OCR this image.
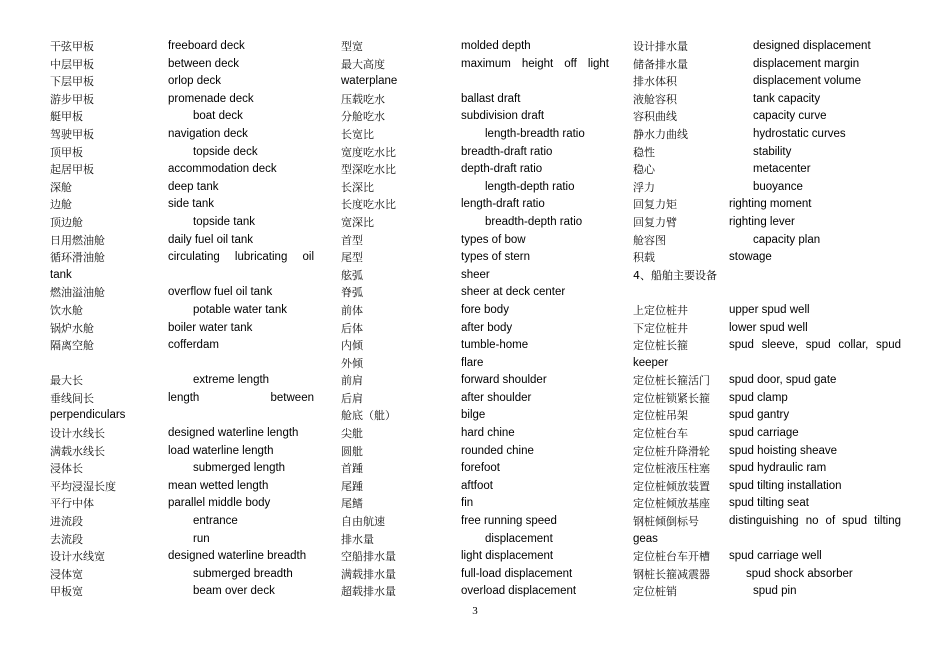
干弦甲板	freeboard deck
中层甲板	between deck
下层甲板	orlop deck
游步甲板	promenade deck
艇甲板	boat deck
驾驶甲板	navigation deck
顶甲板	topside deck
起居甲板	accommodation deck
深舱	deep tank
边舱	side tank
顶边舱	topside tank
日用燃油舱	daily fuel oil tank
循环滑油舱	circulating lubricating oil
tank
燃油溢油舱	overflow fuel oil tank
饮水舱	potable water tank
锅炉水舱	boiler water tank
隔离空舱	cofferdam
最大长	extreme length
垂线间长	length between
perpendiculars
设计水线长	designed waterline length
满载水线长	load waterline length
浸体长	submerged length
平均浸湿长度	mean wetted length
平行中体	parallel middle body
进流段	entrance
去流段	run
设计水线宽	designed waterline breadth
浸体宽	submerged breadth
甲板宽	beam over deck
型宽	molded depth
最大高度	maximum height off light
waterplane
压载吃水	ballast draft
分舱吃水	subdivision draft
长宽比	length-breadth ratio
宽度吃水比	breadth-draft ratio
型深吃水比	depth-draft ratio
长深比	length-depth ratio
长度吃水比	length-draft ratio
宽深比	breadth-depth ratio
首型	types of bow
尾型	types of stern
舷弧	sheer
脊弧	sheer at deck center
前体	fore body
后体	after body
内倾	tumble-home
外倾	flare
前肩	forward shoulder
后肩	after shoulder
舱底（舭）	bilge
尖舭	hard chine
圆舭	rounded chine
首踵	forefoot
尾踵	aftfoot
尾鳍	fin
自由航速	free running speed
排水量	displacement
空船排水量	light displacement
满载排水量	full-load displacement
超载排水量	overload displacement
设计排水量	designed displacement
储备排水量	displacement margin
排水体积	displacement volume
液舱容积	tank capacity
容积曲线	capacity curve
静水力曲线	hydrostatic curves
稳性	stability
稳心	metacenter
浮力	buoyance
回复力矩	righting moment
回复力臂	righting lever
舱容图	capacity plan
积载	stowage
4、船舶主要设备
上定位桩井	upper spud well
下定位桩井	lower spud well
定位桩长箍	spud sleeve, spud collar, spud
keeper
定位桩长箍活门 spud door, spud gate
定位桩锁紧长箍 spud clamp
定位桩吊架	spud gantry
定位桩台车	spud carriage
定位桩升降滑轮 spud hoisting sheave
定位桩液压柱塞 spud hydraulic ram
定位桩倾放装置 spud tilting installation
定位桩倾放基座 spud tilting seat
钢桩倾倒标号	distinguishing no of spud tilting
geas
定位桩台车开槽 spud carriage well
钢桩长箍减震器	spud shock absorber
定位桩销	spud pin
3
